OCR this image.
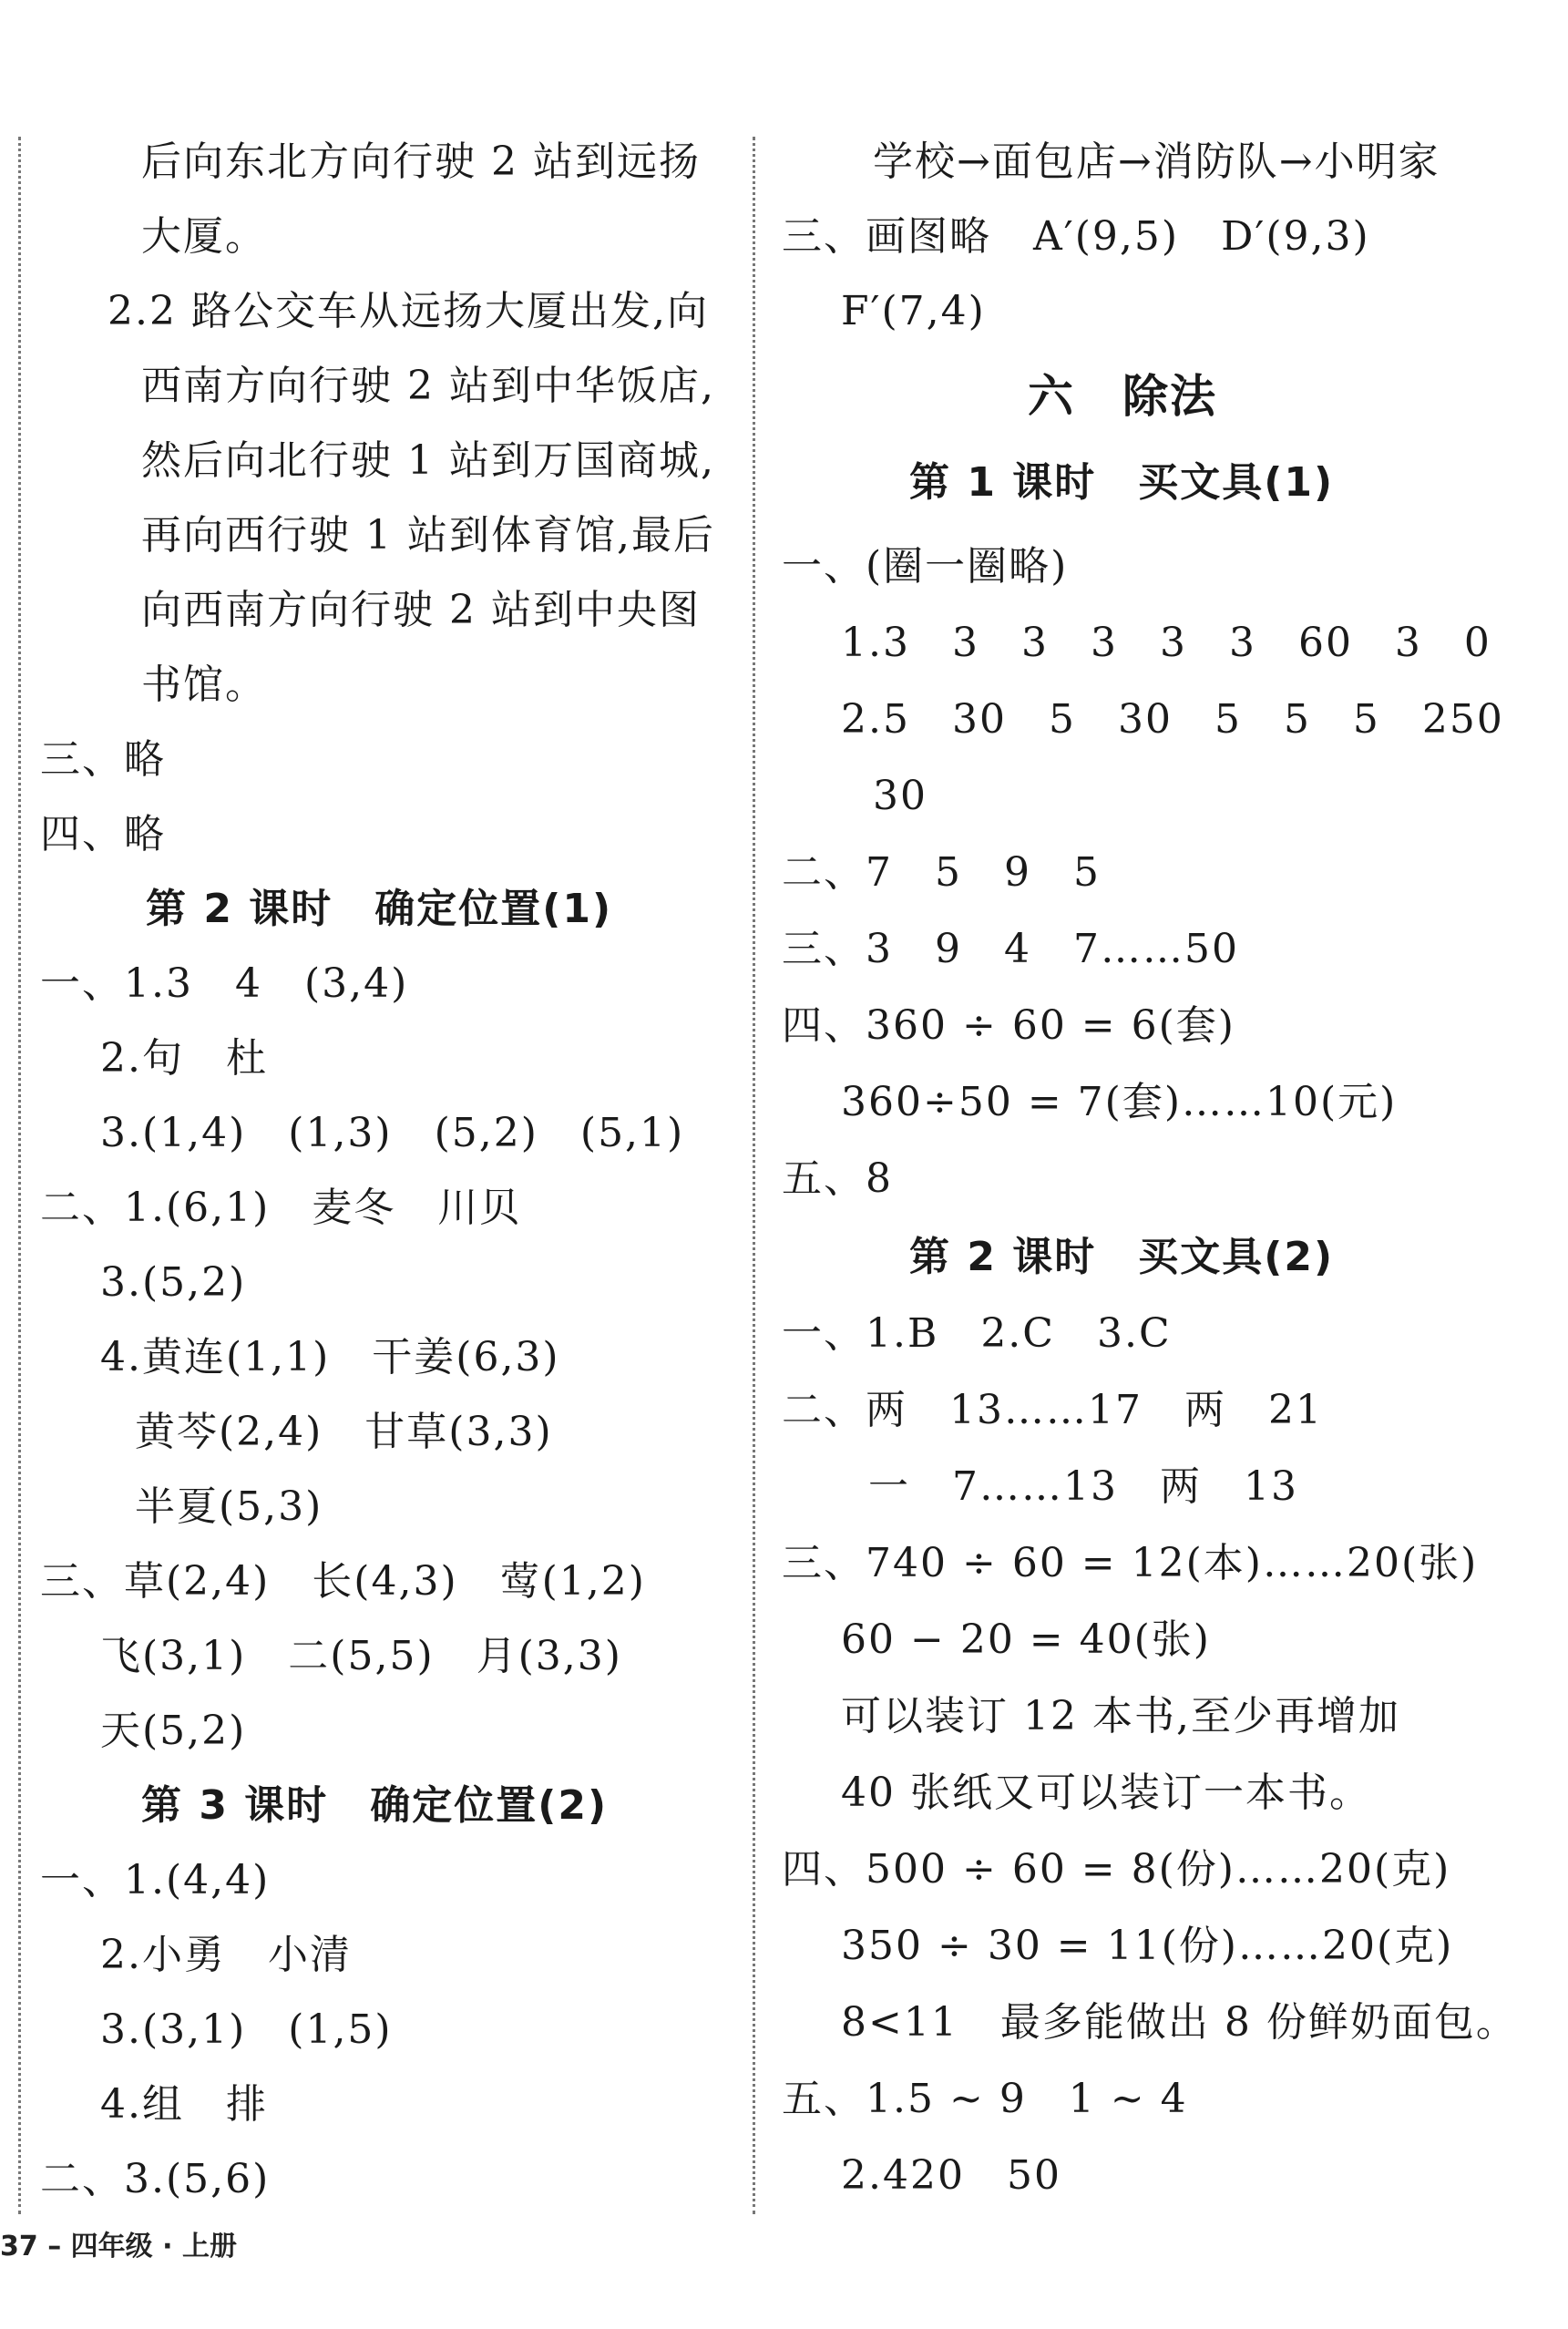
后向东北方向行驶 2 站到远扬
大厦。
2.2 路公交车从远扬大厦出发,向
西南方向行驶 2 站到中华饭店,
然后向北行驶 1 站到万国商城,
再向西行驶 1 站到体育馆,最后
向西南方向行驶 2 站到中央图
书馆。
三、略
四、略
第 2 课时　确定位置(1)
一、1.3　4　(3,4)
2.句　杜
3.(1,4)　(1,3)　(5,2)　(5,1)
二、1.(6,1)　麦冬　川贝
3.(5,2)
4.黄连(1,1)　干姜(6,3)
黄芩(2,4)　甘草(3,3)
半夏(5,3)
三、草(2,4)　长(4,3)　莺(1,2)
飞(3,1)　二(5,5)　月(3,3)
天(5,2)
第 3 课时　确定位置(2)
一、1.(4,4)
2.小勇　小清
3.(3,1)　(1,5)
4.组　排
二、3.(5,6)
学校→面包店→消防队→小明家
三、画图略　A′(9,5)　D′(9,3)
F′(7,4)
六　除法
第 1 课时　买文具(1)
一、(圈一圈略)
1.3　3　3　3　3　3　60　3　0
2.5　30　5　30　5　5　5　250
30
二、7　5　9　5
三、3　9　4　7……50
四、360 ÷ 60 = 6(套)
360÷50 = 7(套)……10(元)
五、8
第 2 课时　买文具(2)
一、1.B　2.C　3.C
二、两　13……17　两　21
一　7……13　两　13
三、740 ÷ 60 = 12(本)……20(张)
60 − 20 = 40(张)
可以装订 12 本书,至少再增加
40 张纸又可以装订一本书。
四、500 ÷ 60 = 8(份)……20(克)
350 ÷ 30 = 11(份)……20(克)
8<11　最多能做出 8 份鲜奶面包。
五、1.5 ~ 9　1 ~ 4
2.420　50
37 – 四年级 · 上册
